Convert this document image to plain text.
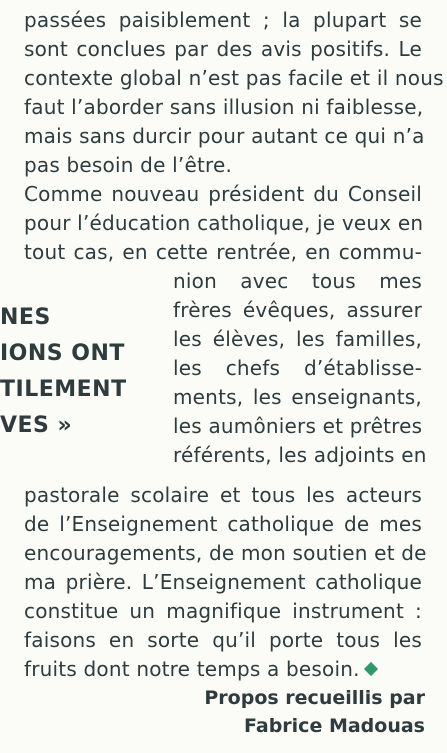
passées paisiblement ; la plupart se
sont conclues par des avis positifs. Le
contexte global n’est pas facile et il nous
faut l’aborder sans illusion ni faiblesse,
mais sans durcir pour autant ce qui n’a
pas besoin de l’être.
Comme nouveau président du Conseil
pour l’éducation catholique, je veux en
tout cas, en cette rentrée, en commu-
NES
IONS ONT
TILEMENT
VES »
nion avec tous mes
frères évêques, assurer
les élèves, les familles,
les chefs d’établisse-
ments, les enseignants,
les aumôniers et prêtres
référents, les adjoints en
pastorale scolaire et tous les acteurs
de l’Enseignement catholique de mes
encouragements, de mon soutien et de
ma prière. L’Enseignement catholique
constitue un magnifique instrument :
faisons en sorte qu’il porte tous les
fruits dont notre temps a besoin.
Propos recueillis par
Fabrice Madouas
